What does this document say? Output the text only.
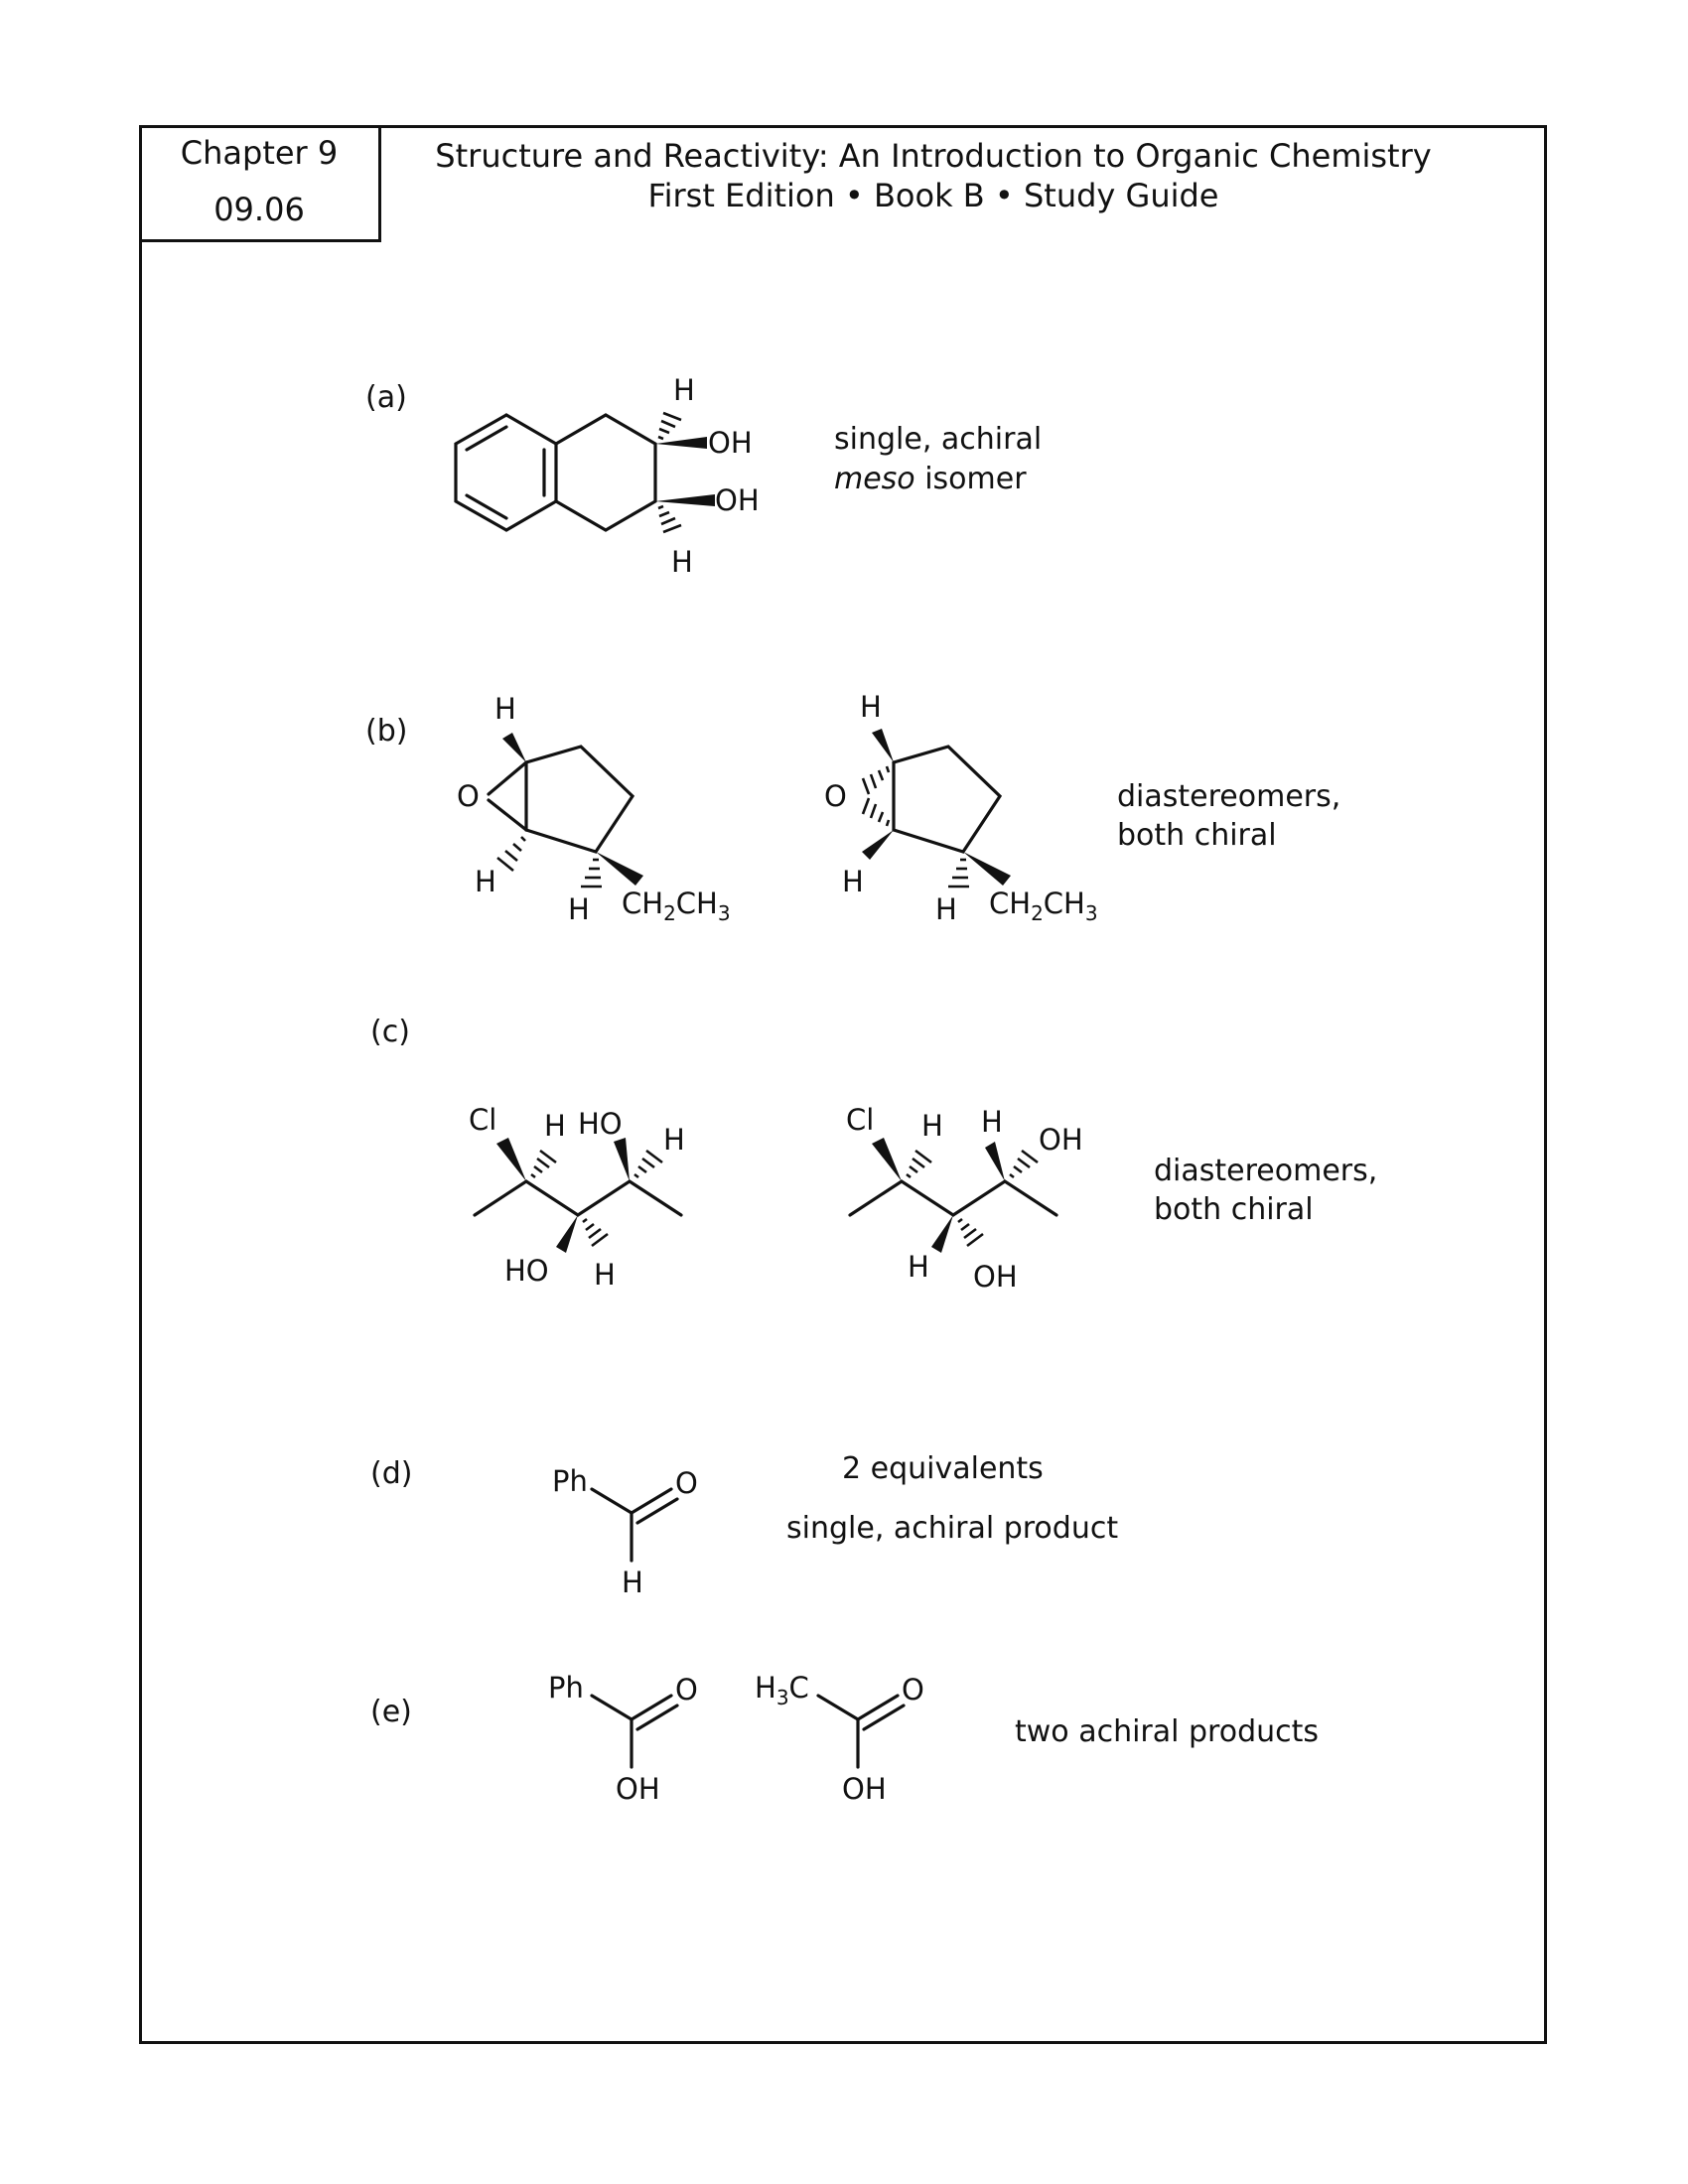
Chapter 9
09.06
Structure and Reactivity: An Introduction to Organic Chemistry
First Edition • Book B • Study Guide
(a)
(b)
(c)
(d)
(e)
single, achiral
meso isomer
diastereomers,
both chiral
diastereomers,
both chiral
2 equivalents
single, achiral product
two achiral products
H
OH
OH
H
H
O
H
H $CH_2CH_3$
H
O
H
H $CH_2CH_3$
Cl H HO H
HO H
Cl H H
OH
H OH
Ph	O
H
Ph	O
OH
$H_3C$	O
OH
